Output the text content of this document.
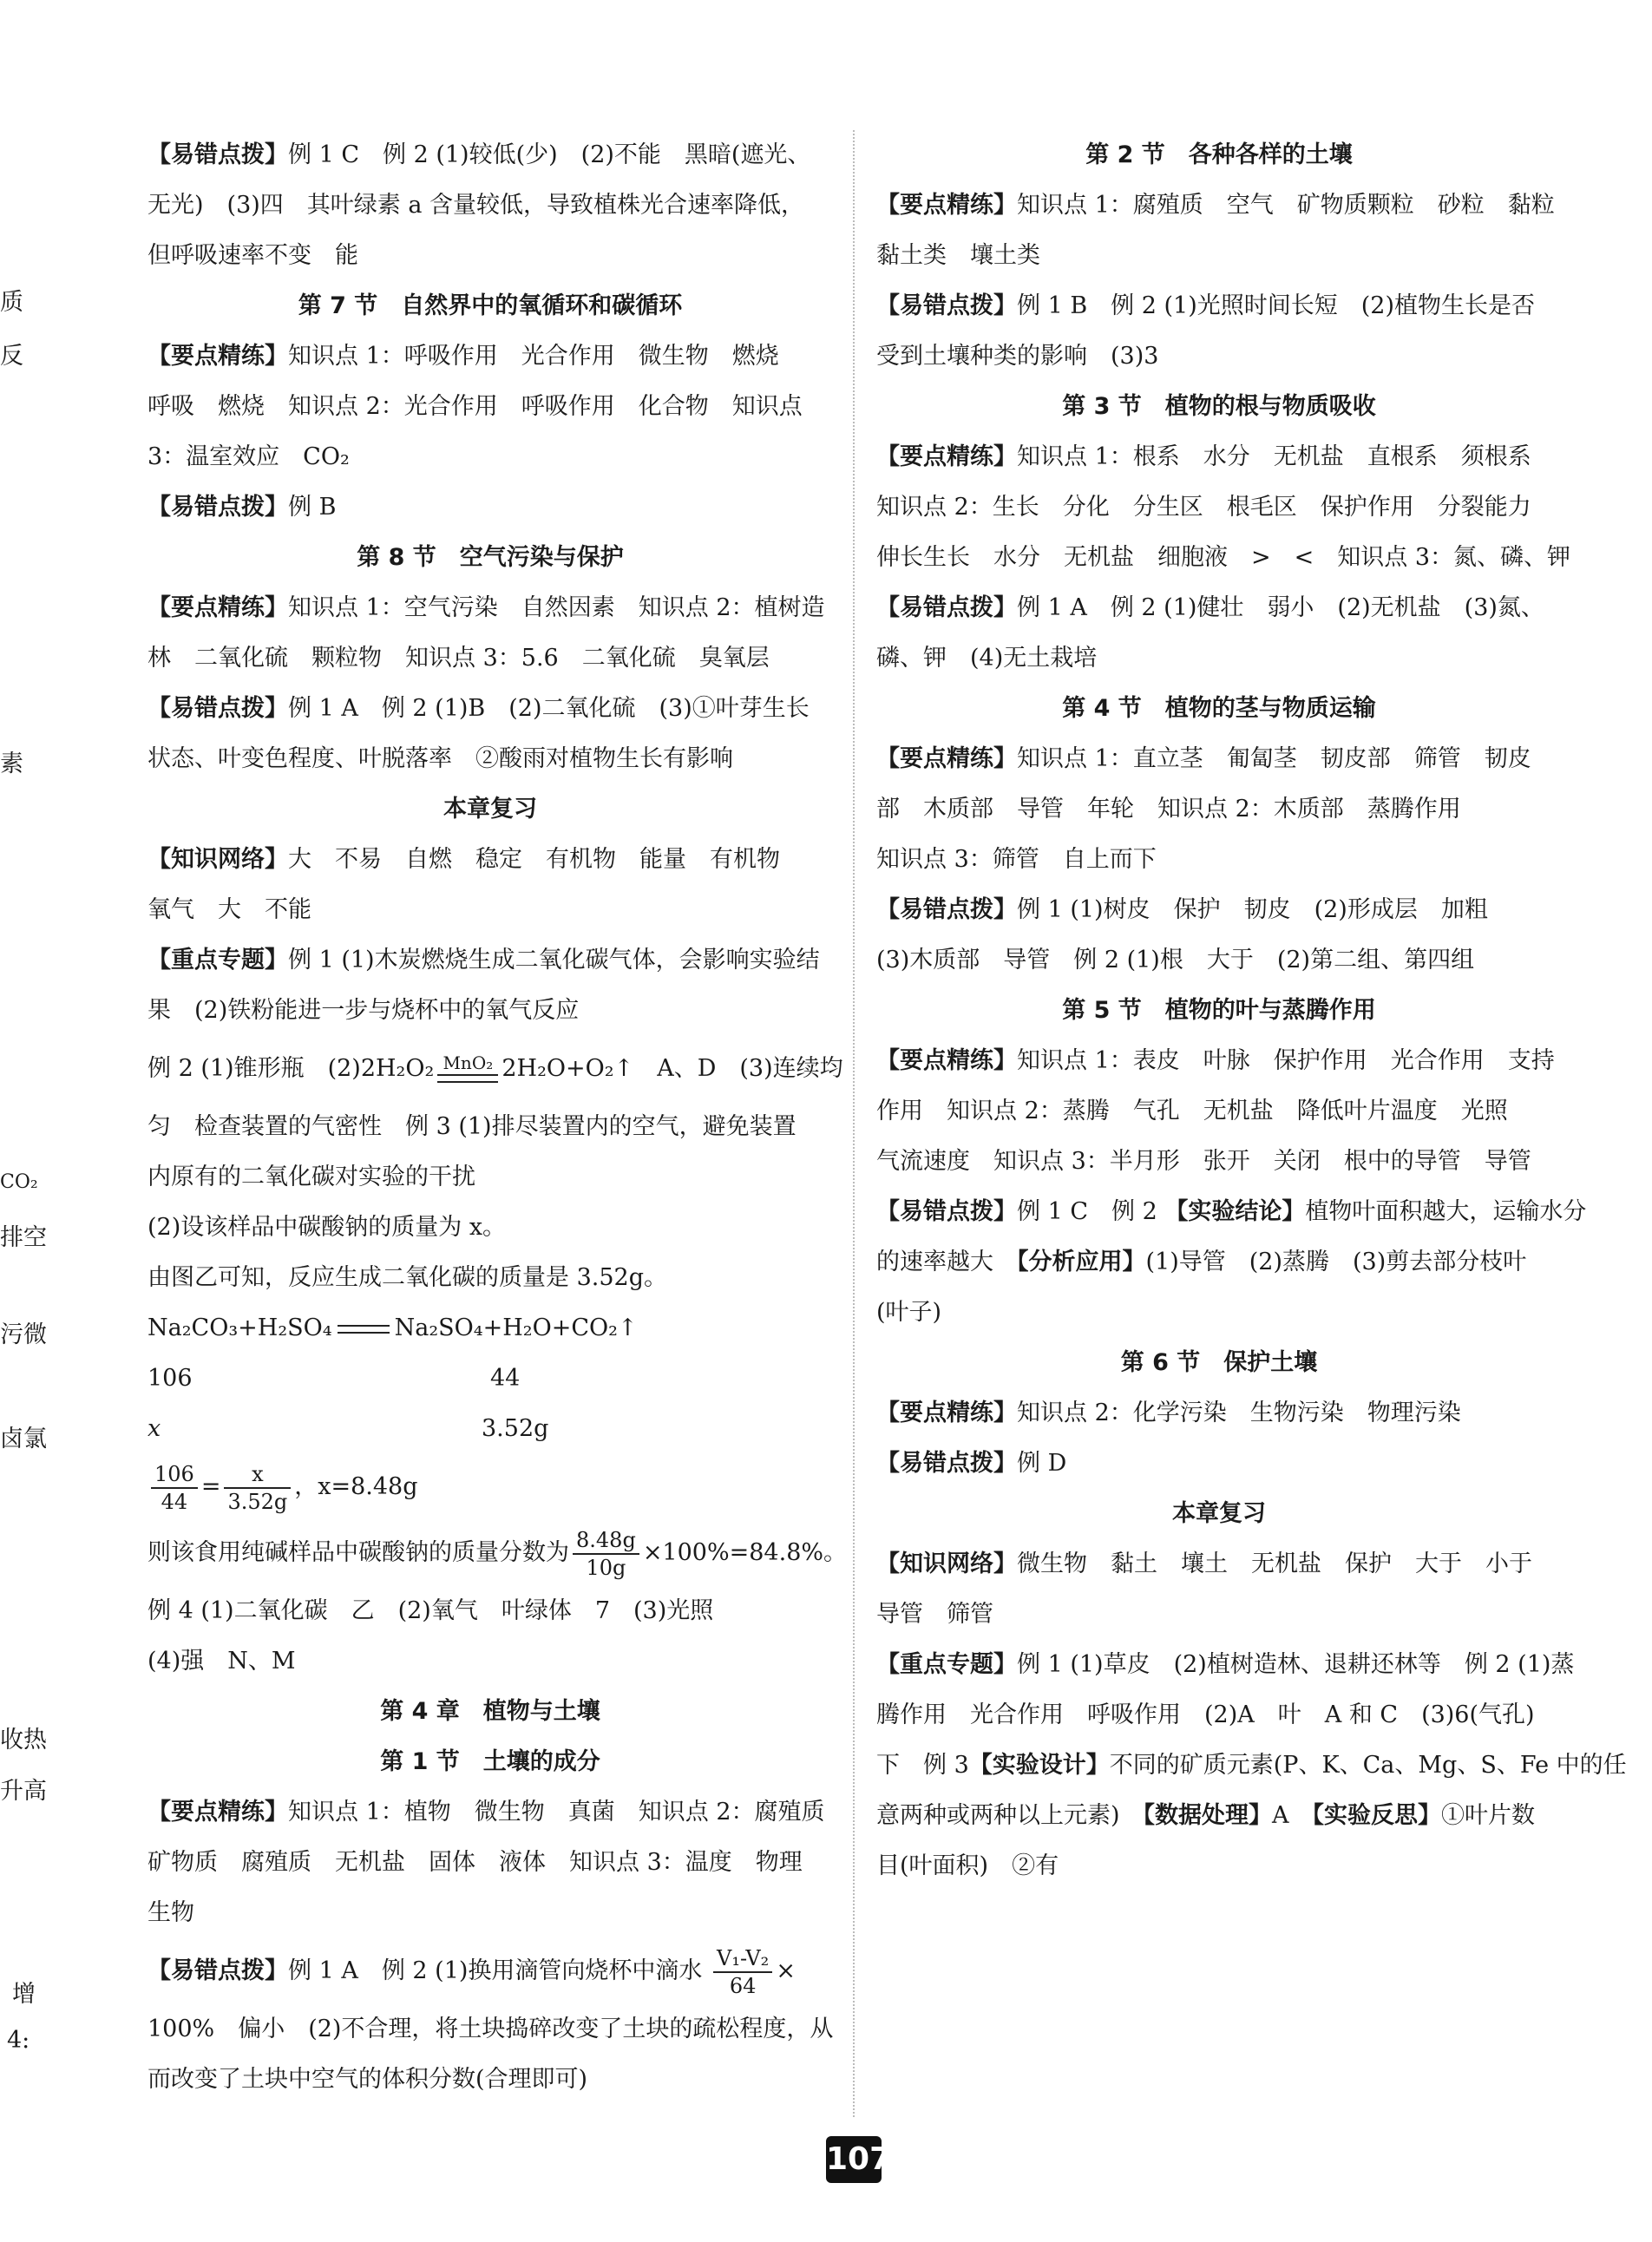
质
反
素
CO₂
排空
污微
卤氯
收热
升高
增
4:
【易错点拨】例 1 C　例 2 (1)较低(少)　(2)不能　黑暗(遮光、
无光)　(3)四　其叶绿素 a 含量较低，导致植株光合速率降低，
但呼吸速率不变　能
第 7 节　自然界中的氧循环和碳循环
【要点精练】知识点 1：呼吸作用　光合作用　微生物　燃烧
呼吸　燃烧　知识点 2：光合作用　呼吸作用　化合物　知识点
3：温室效应　CO₂
【易错点拨】例 B
第 8 节　空气污染与保护
【要点精练】知识点 1：空气污染　自然因素　知识点 2：植树造
林　二氧化硫　颗粒物　知识点 3：5.6　二氧化硫　臭氧层
【易错点拨】例 1 A　例 2 (1)B　(2)二氧化硫　(3)①叶芽生长
状态、叶变色程度、叶脱落率　②酸雨对植物生长有影响
本章复习
【知识网络】大　不易　自燃　稳定　有机物　能量　有机物
氧气　大　不能
【重点专题】例 1 (1)木炭燃烧生成二氧化碳气体，会影响实验结
果　(2)铁粉能进一步与烧杯中的氧气反应
例 2 (1)锥形瓶　(2)2H₂O₂ MnO₂ 2H₂O+O₂↑　A、D　(3)连续均
匀　检查装置的气密性　例 3 (1)排尽装置内的空气，避免装置
内原有的二氧化碳对实验的干扰
(2)设该样品中碳酸钠的质量为 x。
由图乙可知，反应生成二氧化碳的质量是 3.52g。
Na₂CO₃+H₂SO₄	Na₂SO₄+H₂O+CO₂↑
106	44
x	3.52g
$\frac{106}{44} = \frac{x}{3.52g}$ ，x=8.48g
则该食用纯碱样品中碳酸钠的质量分数为 $\frac{8.48g}{10g} \times 100\%=84.8\%$。
例 4 (1)二氧化碳　乙　(2)氧气　叶绿体　7　(3)光照
(4)强　N、M
第 4 章　植物与土壤
第 1 节　土壤的成分
【要点精练】知识点 1：植物　微生物　真菌　知识点 2：腐殖质
矿物质　腐殖质　无机盐　固体　液体　知识点 3：温度　物理
生物
【易错点拨】例 1 A　例 2 (1)换用滴管向烧杯中滴水 $\frac{\text{V₁-V₂}}{64}$ ×
100%　偏小　(2)不合理，将土块捣碎改变了土块的疏松程度，从
而改变了土块中空气的体积分数(合理即可)
第 2 节　各种各样的土壤
【要点精练】知识点 1：腐殖质　空气　矿物质颗粒　砂粒　黏粒
黏土类　壤土类
【易错点拨】例 1 B　例 2 (1)光照时间长短　(2)植物生长是否
受到土壤种类的影响　(3)3
第 3 节　植物的根与物质吸收
【要点精练】知识点 1：根系　水分　无机盐　直根系　须根系
知识点 2：生长　分化　分生区　根毛区　保护作用　分裂能力
伸长生长　水分　无机盐　细胞液　>　<　知识点 3：氮、磷、钾
【易错点拨】例 1 A　例 2 (1)健壮　弱小　(2)无机盐　(3)氮、
磷、钾　(4)无土栽培
第 4 节　植物的茎与物质运输
【要点精练】知识点 1：直立茎　匍匐茎　韧皮部　筛管　韧皮
部　木质部　导管　年轮　知识点 2：木质部　蒸腾作用
知识点 3：筛管　自上而下
【易错点拨】例 1 (1)树皮　保护　韧皮　(2)形成层　加粗
(3)木质部　导管　例 2 (1)根　大于　(2)第二组、第四组
第 5 节　植物的叶与蒸腾作用
【要点精练】知识点 1：表皮　叶脉　保护作用　光合作用　支持
作用　知识点 2：蒸腾　气孔　无机盐　降低叶片温度　光照
气流速度　知识点 3：半月形　张开　关闭　根中的导管　导管
【易错点拨】例 1 C　例 2 【实验结论】植物叶面积越大，运输水分
的速率越大　【分析应用】(1)导管　(2)蒸腾　(3)剪去部分枝叶
(叶子)
第 6 节　保护土壤
【要点精练】知识点 2：化学污染　生物污染　物理污染
【易错点拨】例 D
本章复习
【知识网络】微生物　黏土　壤土　无机盐　保护　大于　小于
导管　筛管
【重点专题】例 1 (1)草皮　(2)植树造林、退耕还林等　例 2 (1)蒸
腾作用　光合作用　呼吸作用　(2)A　叶　A 和 C　(3)6(气孔)
下　例 3【实验设计】不同的矿质元素(P、K、Ca、Mg、S、Fe 中的任
意两种或两种以上元素)　【数据处理】A　【实验反思】①叶片数
目(叶面积)　②有
107
